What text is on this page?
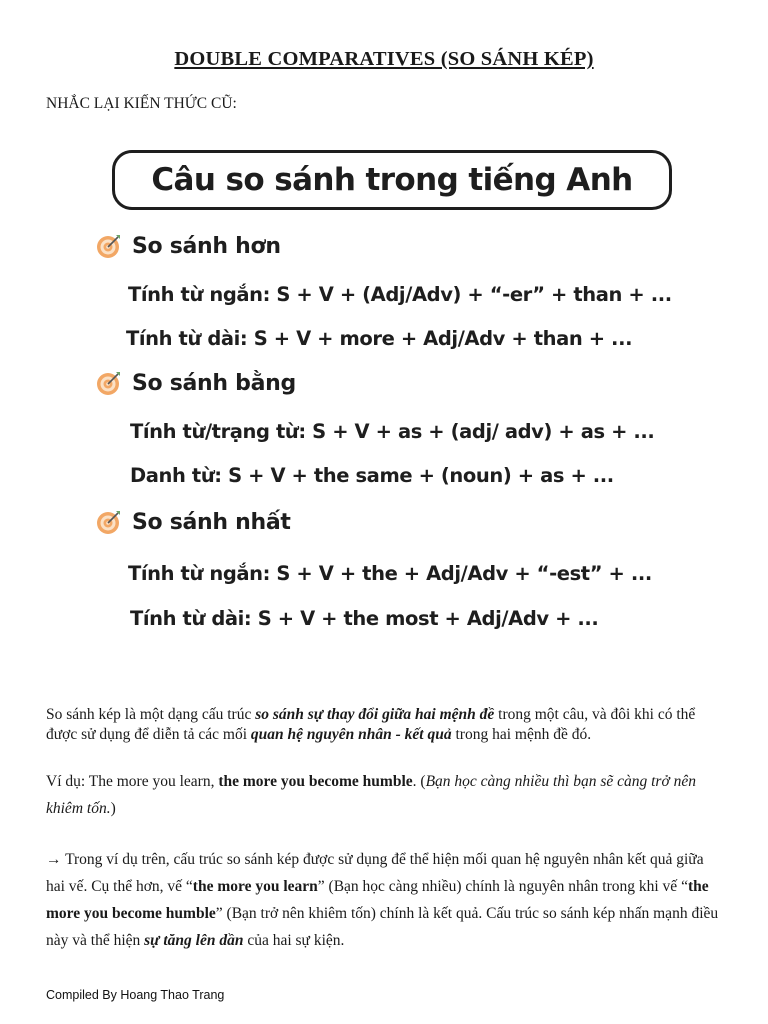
DOUBLE COMPARATIVES (SO SÁNH KÉP)
NHẮC LẠI KIẾN THỨC CŨ:
Câu so sánh trong tiếng Anh
So sánh hơn
Tính từ ngắn: S + V + (Adj/Adv) + “-er” + than + ...
Tính từ dài: S + V + more + Adj/Adv + than + ...
So sánh bằng
Tính từ/trạng từ: S + V + as + (adj/ adv) + as + ...
Danh từ: S + V + the same + (noun) + as + ...
So sánh nhất
Tính từ ngắn: S + V + the + Adj/Adv + “-est” + ...
Tính từ dài: S + V + the most + Adj/Adv + ...

So sánh kép là một dạng cấu trúc so sánh sự thay đổi giữa hai mệnh đề trong một câu, và đôi khi có thể được sử dụng để diễn tả các mối quan hệ nguyên nhân - kết quả trong hai mệnh đề đó.

Ví dụ: The more you learn, the more you become humble. (Bạn học càng nhiều thì bạn sẽ càng trở nên khiêm tốn.)

→ Trong ví dụ trên, cấu trúc so sánh kép được sử dụng để thể hiện mối quan hệ nguyên nhân kết quả giữa hai vế. Cụ thể hơn, vế “the more you learn” (Bạn học càng nhiều) chính là nguyên nhân trong khi vế “the more you become humble” (Bạn trở nên khiêm tốn) chính là kết quả. Cấu trúc so sánh kép nhấn mạnh điều này và thể hiện sự tăng lên dần của hai sự kiện.

Compiled By Hoang Thao Trang
